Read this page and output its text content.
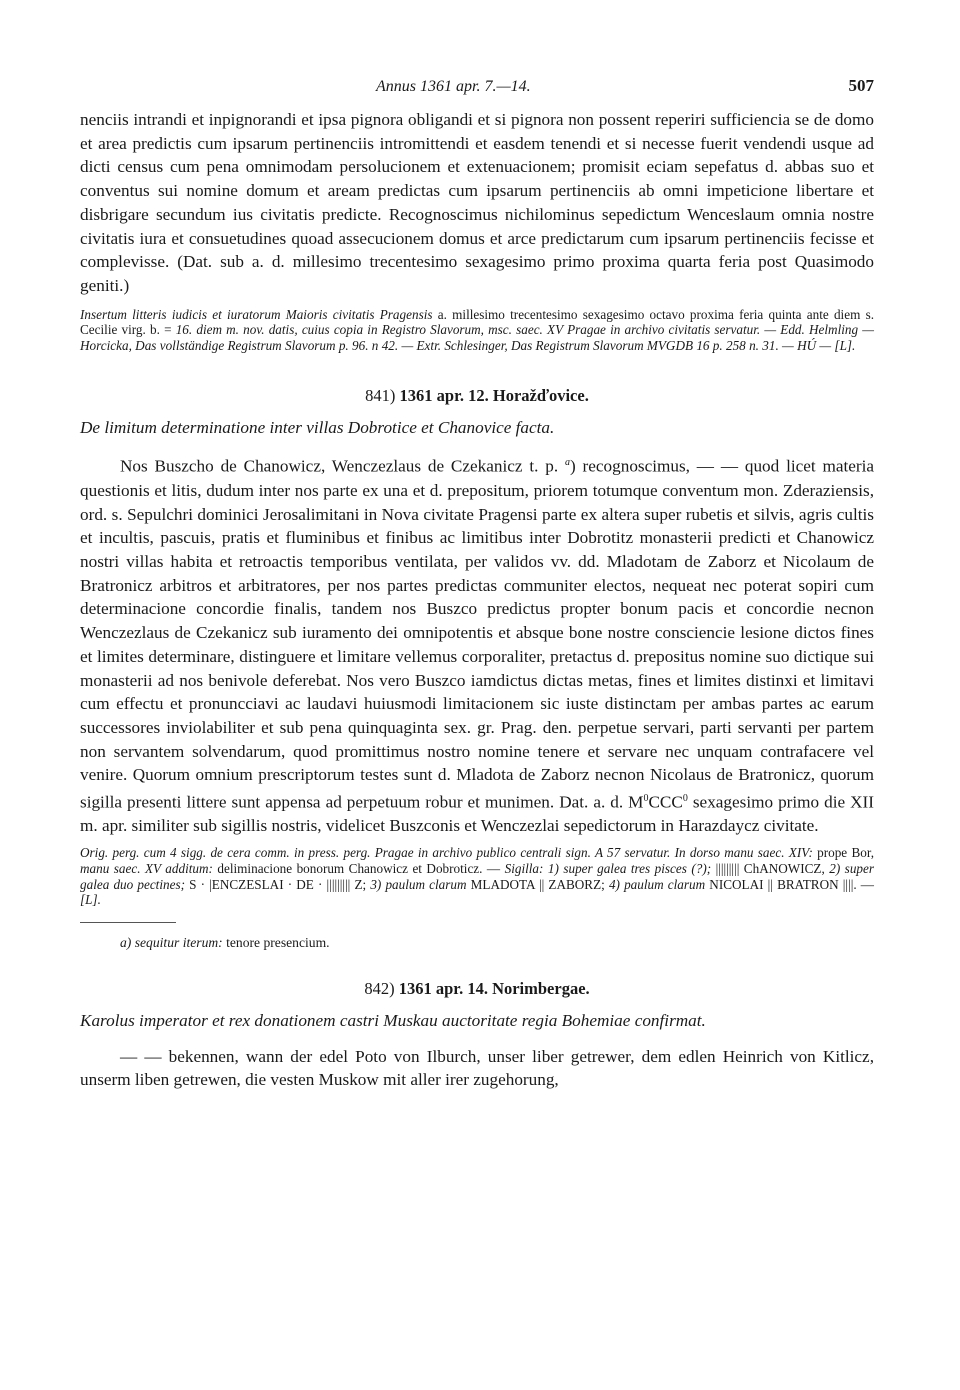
Annus 1361 apr. 7.—14.	507

nenciis intrandi et inpignorandi et ipsa pignora obligandi et si pignora non possent reperiri sufficiencia se de domo et area predictis cum ipsarum pertinenciis intromittendi et easdem tenendi et si necesse fuerit vendendi usque ad dicti census cum pena omnimodam persolucionem et extenuacionem; promisit eciam sepefatus d. abbas suo et conventus sui nomine domum et aream predictas cum ipsarum pertinenciis ab omni impeticione libertare et disbrigare secundum ius civitatis predicte. Recognoscimus nichilominus sepedictum Wenceslaum omnia nostre civitatis iura et consuetudines quoad assecucionem domus et arce predictarum cum ipsarum pertinenciis fecisse et complevisse. (Dat. sub a. d. millesimo trecentesimo sexagesimo primo proxima quarta feria post Quasimodo geniti.)

Insertum litteris iudicis et iuratorum Maioris civitatis Pragensis a. millesimo trecentesimo sexagesimo octavo proxima feria quinta ante diem s. Cecilie virg. b. = 16. diem m. nov. datis, cuius copia in Registro Slavorum, msc. saec. XV Pragae in archivo civitatis servatur. — Edd. Helmling — Horcicka, Das vollständige Registrum Slavorum p. 96. n 42. — Extr. Schlesinger, Das Registrum Slavorum MVGDB 16 p. 258 n. 31. — HÚ — [L].

841) 1361 apr. 12. Horažďovice.

De limitum determinatione inter villas Dobrotice et Chanovice facta.

Nos Buszcho de Chanowicz, Wenczezlaus de Czekanicz t. p. $^a$) recognoscimus, — — quod licet materia questionis et litis, dudum inter nos parte ex una et d. prepositum, priorem totumque conventum mon. Zderaziensis, ord. s. Sepulchri dominici Jerosalimitani in Nova civitate Pragensi parte ex altera super rubetis et silvis, agris cultis et incultis, pascuis, pratis et fluminibus et finibus ac limitibus inter Dobrotitz monasterii predicti et Chanowicz nostri villas habita et retroactis temporibus ventilata, per validos vv. dd. Mladotam de Zaborz et Nicolaum de Bratronicz arbitros et arbitratores, per nos partes predictas communiter electos, nequeat nec poterat sopiri cum determinacione concordie finalis, tandem nos Buszco predictus propter bonum pacis et concordie necnon Wenczezlaus de Czekanicz sub iuramento dei omnipotentis et absque bone nostre consciencie lesione dictos fines et limites determinare, distinguere et limitare vellemus corporaliter, pretactus d. prepositus nomine suo dictique sui monasterii ad nos benivole deferebat. Nos vero Buszco iamdictus dictas metas, fines et limites distinxi et limitavi cum effectu et pronuncciavi ac laudavi huiusmodi limitacionem sic iuste distinctam per ambas partes ac earum successores inviolabiliter et sub pena quinquaginta sex. gr. Prag. den. perpetue servari, parti servanti per partem non servantem solvendarum, quod promittimus nostro nomine tenere et servare nec unquam contrafacere vel venire. Quorum omnium prescriptorum testes sunt d. Mladota de Zaborz necnon Nicolaus de Bratronicz, quorum sigilla presenti littere sunt appensa ad perpetuum robur et munimen. Dat. a. d. $M^0CCC^0$ sexagesimo primo die XII m. apr. similiter sub sigillis nostris, videlicet Buszconis et Wenczezlai sepedictorum in Harazdaycz civitate.

Orig. perg. cum 4 sigg. de cera comm. in press. perg. Pragae in archivo publico centrali sign. A 57 servatur. In dorso manu saec. XIV: prope Bor, manu saec. XV additum: deliminacione bonorum Chanowicz et Dobroticz. — Sigilla: 1) super galea tres pisces (?); ||||||||| ChANOWICZ, 2) super galea duo pectines; S · |ENCZESLAI · DE · ||||||||| Z; 3) paulum clarum MLADOTA || ZABORZ; 4) paulum clarum NICOLAI || BRATRON ||||. — [L].

a) sequitur iterum: tenore presencium.

842) 1361 apr. 14. Norimbergae.

Karolus imperator et rex donationem castri Muskau auctoritate regia Bohemiae confirmat.

— — bekennen, wann der edel Poto von Ilburch, unser liber getrewer, dem edlen Heinrich von Kitlicz, unserm liben getrewen, die vesten Muskow mit aller irer zugehorung,
